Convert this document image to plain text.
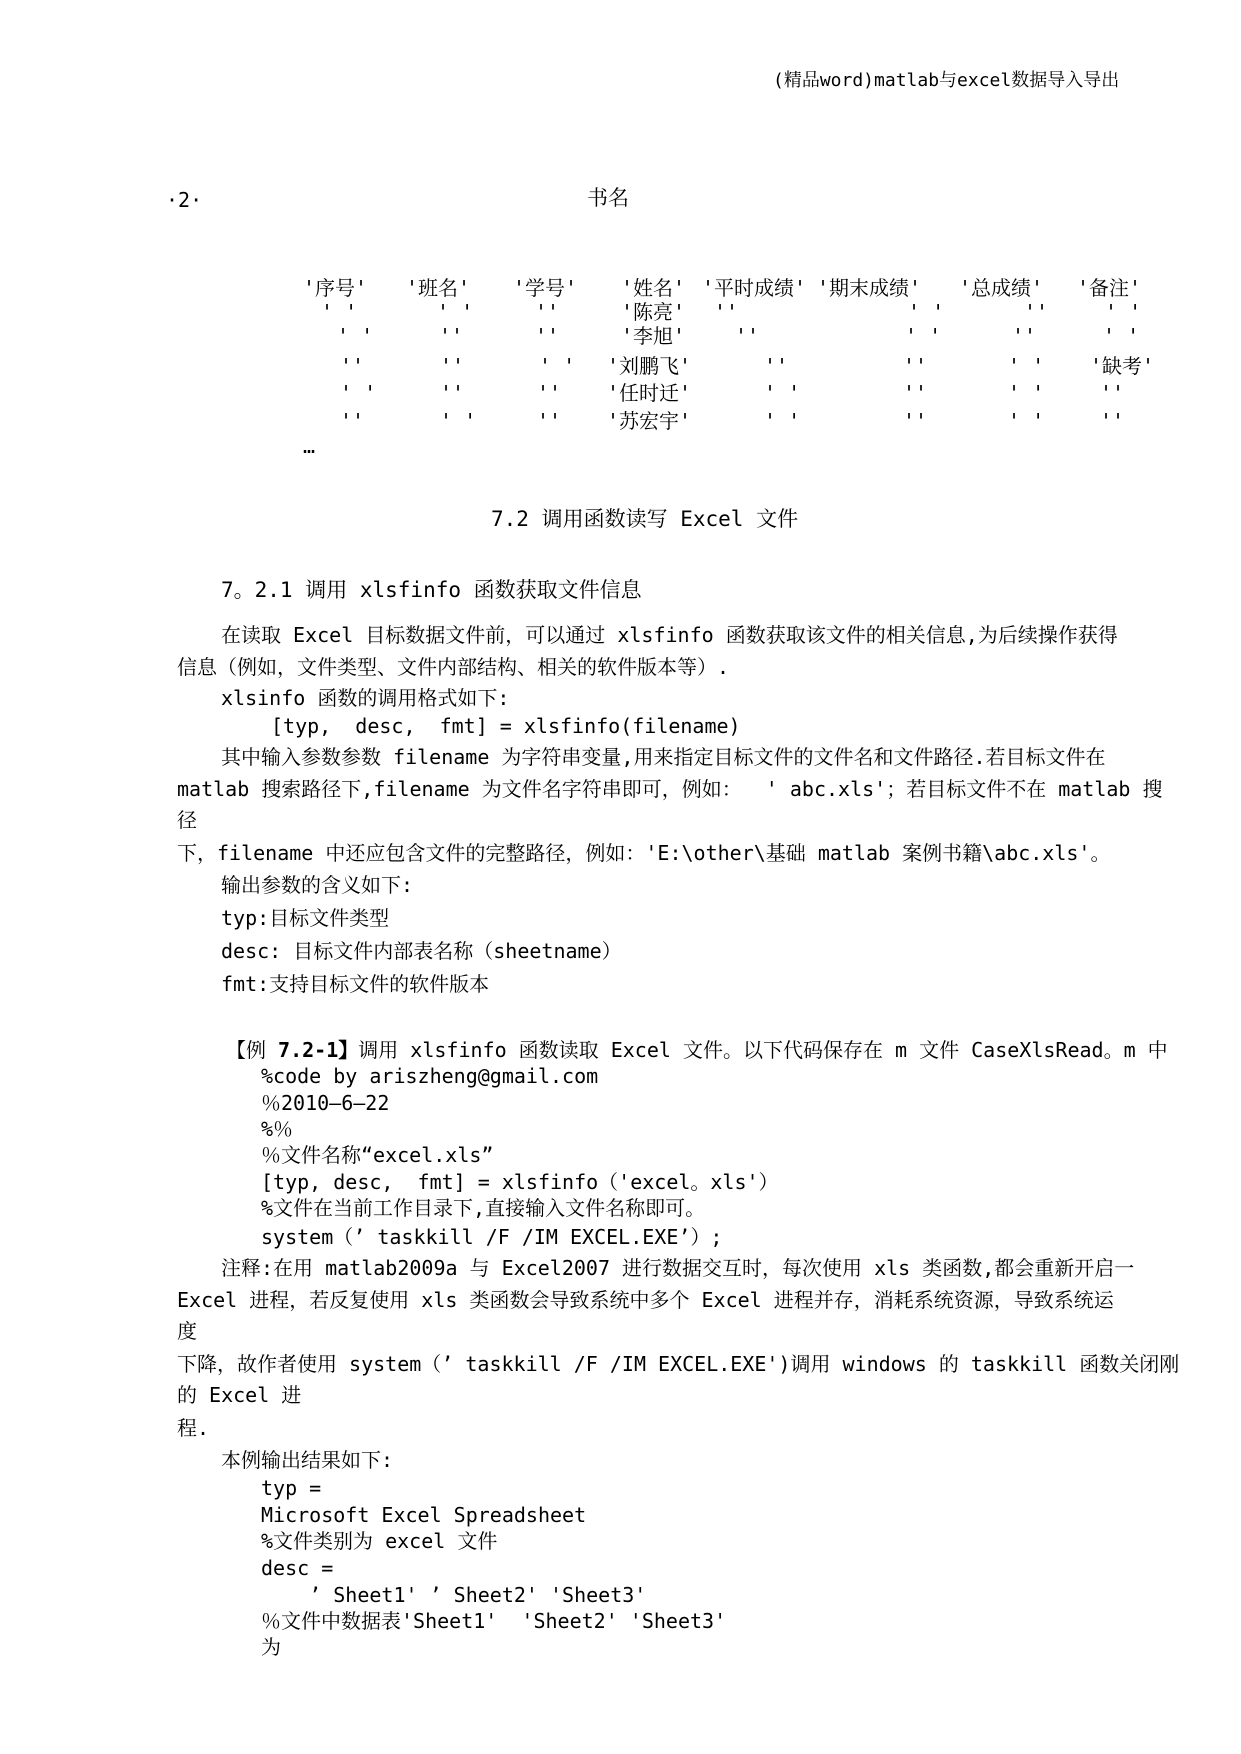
(精品word)matlab与excel数据导入导出
·2·	书名
'序号' '班名' '学号' '姓名' '平时成绩' '期末成绩' '总成绩' '备注'
' '	' '	''	'陈亮' ''	' '	''	' '
' '	''	''	'李旭' ''	' '	''	' '
''	''	' ' '刘鹏飞'	''	''	' ' '缺考'
' '	''	'' '任时迁'	' '	''	' '	''
''	' '	'' '苏宏宇'	' '	''	' '	''
…
7.2 调用函数读写 Excel 文件
7。2.1 调用 xlsfinfo 函数获取文件信息
在读取 Excel 目标数据文件前，可以通过 xlsfinfo 函数获取该文件的相关信息,为后续操作获得
信息（例如，文件类型、文件内部结构、相关的软件版本等）.
xlsinfo 函数的调用格式如下:
[typ,  desc,  fmt] = xlsfinfo(filename)
其中输入参数参数 filename 为字符串变量,用来指定目标文件的文件名和文件路径.若目标文件在
matlab 搜索路径下,filename 为文件名字符串即可，例如：  ' abc.xls'；若目标文件不在 matlab 搜
径
下，filename 中还应包含文件的完整路径，例如：'E:\other\基础 matlab 案例书籍\abc.xls'。
输出参数的含义如下:
typ:目标文件类型
desc: 目标文件内部表名称（sheetname）
fmt:支持目标文件的软件版本
【例 7.2-1】调用 xlsfinfo 函数读取 Excel 文件。以下代码保存在 m 文件 CaseXlsRead。m 中
%code by ariszheng@gmail.com
％2010—6—22
%％
％文件名称“excel.xls”
[typ, desc,  fmt] = xlsfinfo（'excel。xls'）
%文件在当前工作目录下,直接输入文件名称即可。
system（’ taskkill /F /IM EXCEL.EXE’）;
注释:在用 matlab2009a 与 Excel2007 进行数据交互时，每次使用 xls 类函数,都会重新开启一
Excel 进程，若反复使用 xls 类函数会导致系统中多个 Excel 进程并存，消耗系统资源，导致系统运
度
下降，故作者使用 system（’ taskkill /F /IM EXCEL.EXE')调用 windows 的 taskkill 函数关闭刚
的 Excel 进
程.
本例输出结果如下:
typ =
Microsoft Excel Spreadsheet
%文件类别为 excel 文件
desc =
’ Sheet1' ’ Sheet2' 'Sheet3'
％文件中数据表'Sheet1'  'Sheet2' 'Sheet3'
为
